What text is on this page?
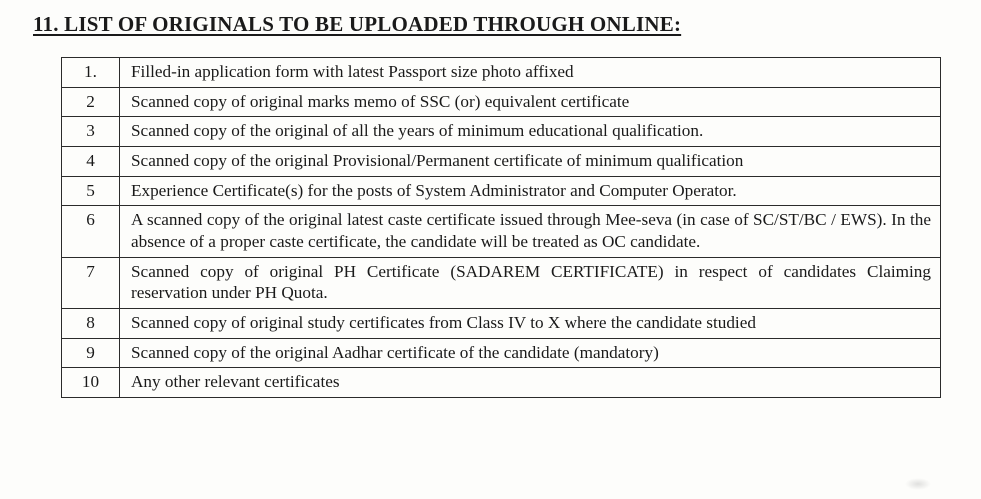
11. LIST OF ORIGINALS TO BE UPLOADED THROUGH ONLINE:
1.	Filled-in application form with latest Passport size photo affixed
2	Scanned copy of original marks memo of SSC (or) equivalent certificate
3	Scanned copy of the original of all the years of minimum educational qualification.
4	Scanned copy of the original Provisional/Permanent certificate of minimum qualification
5	Experience Certificate(s) for the posts of System Administrator and Computer Operator.
6	A scanned copy of the original latest caste certificate issued through Mee-seva (in case of SC/ST/BC / EWS). In the absence of a proper caste certificate, the candidate will be treated as OC candidate.
7	Scanned copy of original PH Certificate (SADAREM CERTIFICATE) in respect of candidates Claiming reservation under PH Quota.
8	Scanned copy of original study certificates from Class IV to X where the candidate studied
9	Scanned copy of the original Aadhar certificate of the candidate (mandatory)
10	Any other relevant certificates
